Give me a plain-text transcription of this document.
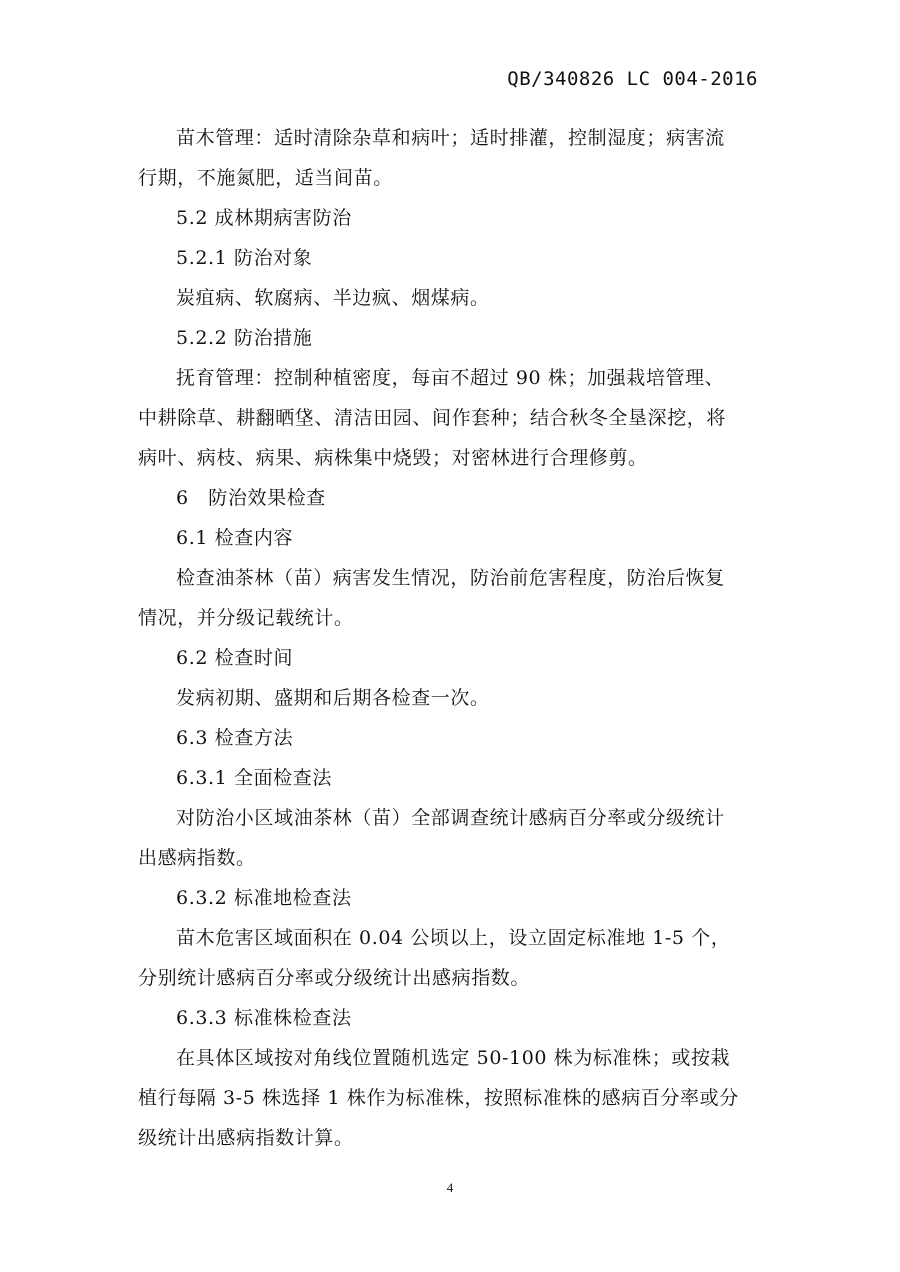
QB/340826 LC 004-2016
苗木管理：适时清除杂草和病叶；适时排灌，控制湿度；病害流
行期，不施氮肥，适当间苗。
5.2 成林期病害防治
5.2.1 防治对象
炭疽病、软腐病、半边疯、烟煤病。
5.2.2 防治措施
抚育管理：控制种植密度，每亩不超过 90 株；加强栽培管理、
中耕除草、耕翻晒垡、清洁田园、间作套种；结合秋冬全垦深挖，将
病叶、病枝、病果、病株集中烧毁；对密林进行合理修剪。
6　防治效果检查
6.1 检查内容
检查油茶林（苗）病害发生情况，防治前危害程度，防治后恢复
情况，并分级记载统计。
6.2 检查时间
发病初期、盛期和后期各检查一次。
6.3 检查方法
6.3.1 全面检查法
对防治小区域油茶林（苗）全部调查统计感病百分率或分级统计
出感病指数。
6.3.2 标准地检查法
苗木危害区域面积在 0.04 公顷以上，设立固定标准地 1-5 个，
分别统计感病百分率或分级统计出感病指数。
6.3.3 标准株检查法
在具体区域按对角线位置随机选定 50-100 株为标准株；或按栽
植行每隔 3-5 株选择 1 株作为标准株，按照标准株的感病百分率或分
级统计出感病指数计算。
4
